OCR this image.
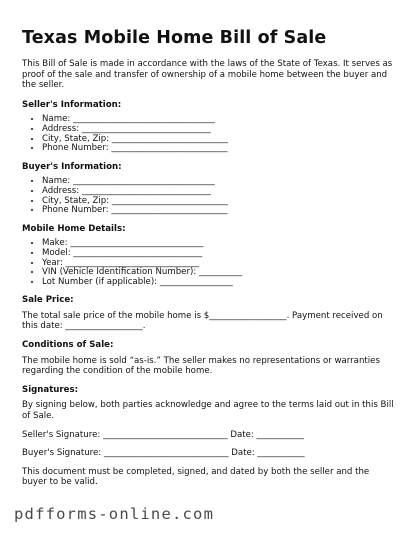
Texas Mobile Home Bill of Sale

This Bill of Sale is made in accordance with the laws of the State of Texas. It serves as proof of the sale and transfer of ownership of a mobile home between the buyer and the seller.

Seller's Information:
• Name: _________________________________
• Address: ______________________________
• City, State, Zip: ___________________________
• Phone Number: ___________________________
Buyer's Information:
• Name: _________________________________
• Address: ______________________________
• City, State, Zip: ___________________________
• Phone Number: ___________________________
Mobile Home Details:
• Make: _______________________________
• Model: ______________________________
• Year: _______________________________
• VIN (Vehicle Identification Number): __________
• Lot Number (if applicable): _________________
Sale Price:

The total sale price of the mobile home is $__________________. Payment received on this date: __________________.

Conditions of Sale:

The mobile home is sold “as-is.” The seller makes no representations or warranties regarding the condition of the mobile home.

Signatures:

By signing below, both parties acknowledge and agree to the terms laid out in this Bill of Sale.

Seller's Signature: _____________________________ Date: ___________

Buyer's Signature: _____________________________ Date: ___________

This document must be completed, signed, and dated by both the seller and the buyer to be valid.

pdfforms-online.com
